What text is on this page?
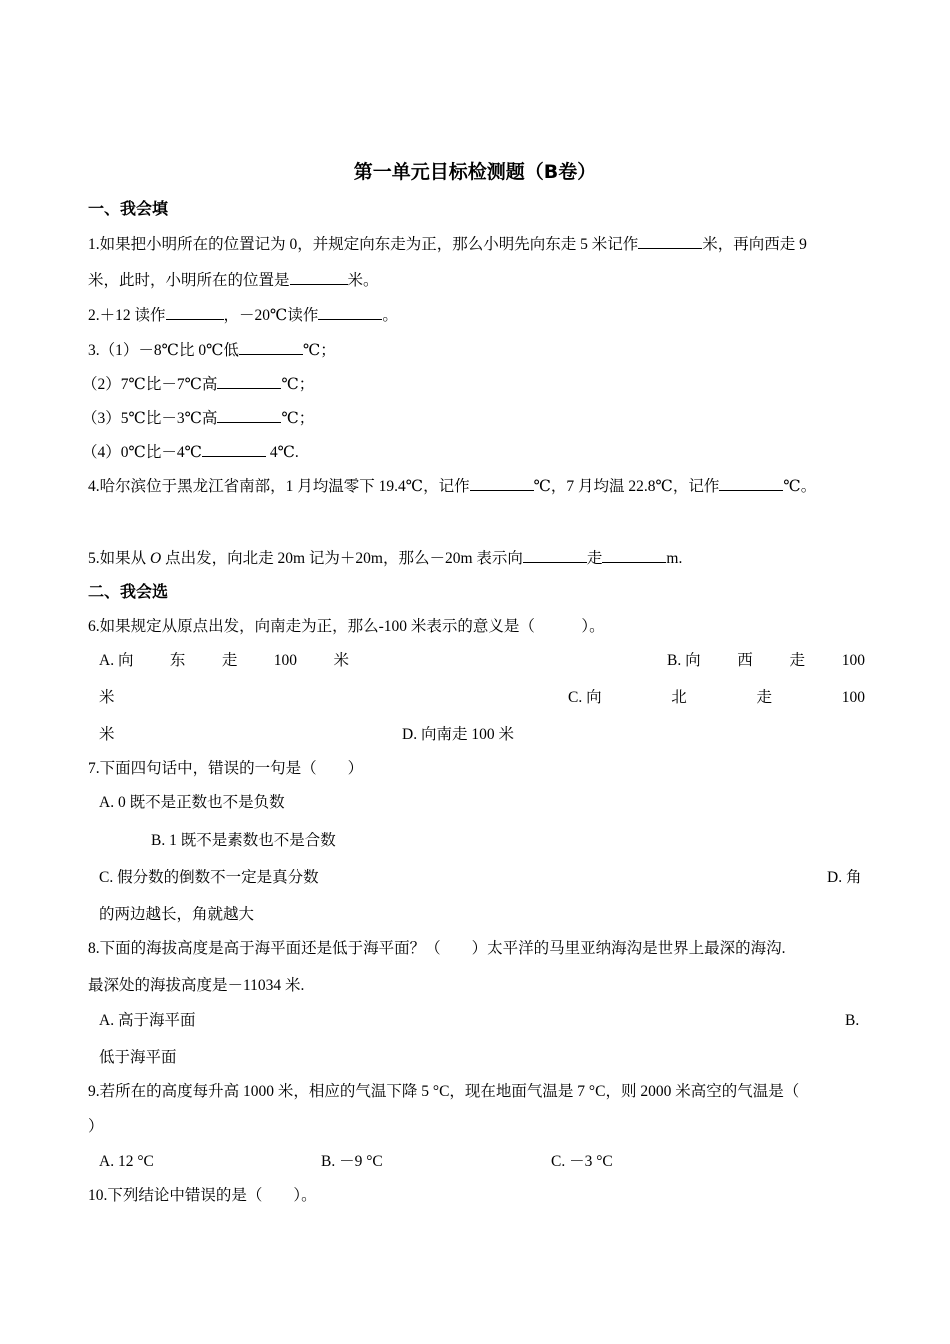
第一单元目标检测题（B卷）
一、我会填
1.如果把小明所在的位置记为 0，并规定向东走为正，那么小明先向东走 5 米记作	米，再向西走 9
米，此时，小明所在的位置是	米。
2.＋12 读作	，－20℃读作	。
3.（1）－8℃比 0℃低	℃；
（2）7℃比－7℃高	℃；
（3）5℃比－3℃高	℃；
（4）0℃比－4℃	4℃.
4.哈尔滨位于黑龙江省南部，1 月均温零下 19.4℃，记作	℃，7 月均温 22.8℃，记作	℃。
5.如果从 O 点出发，向北走 20m 记为＋20m，那么－20m 表示向	走	m.
二、我会选
6.如果规定从原点出发，向南走为正，那么-100 米表示的意义是（　　　）。
A. 向 东 走 100 米	B. 向 西 走 100
米	C. 向	北	走	100
米	D. 向南走 100 米
7.下面四句话中，错误的一句是（　　）
A. 0 既不是正数也不是负数
B. 1 既不是素数也不是合数
C. 假分数的倒数不一定是真分数	D. 角
的两边越长，角就越大
8.下面的海拔高度是高于海平面还是低于海平面？（　　）太平洋的马里亚纳海沟是世界上最深的海沟.
最深处的海拔高度是－11034 米.
A. 高于海平面	B.
低于海平面
9.若所在的高度每升高 1000 米，相应的气温下降 5 °C，现在地面气温是 7 °C，则 2000 米高空的气温是（
）
A. 12 °C	B. －9 °C	C. －3 °C
10.下列结论中错误的是（　　）。
